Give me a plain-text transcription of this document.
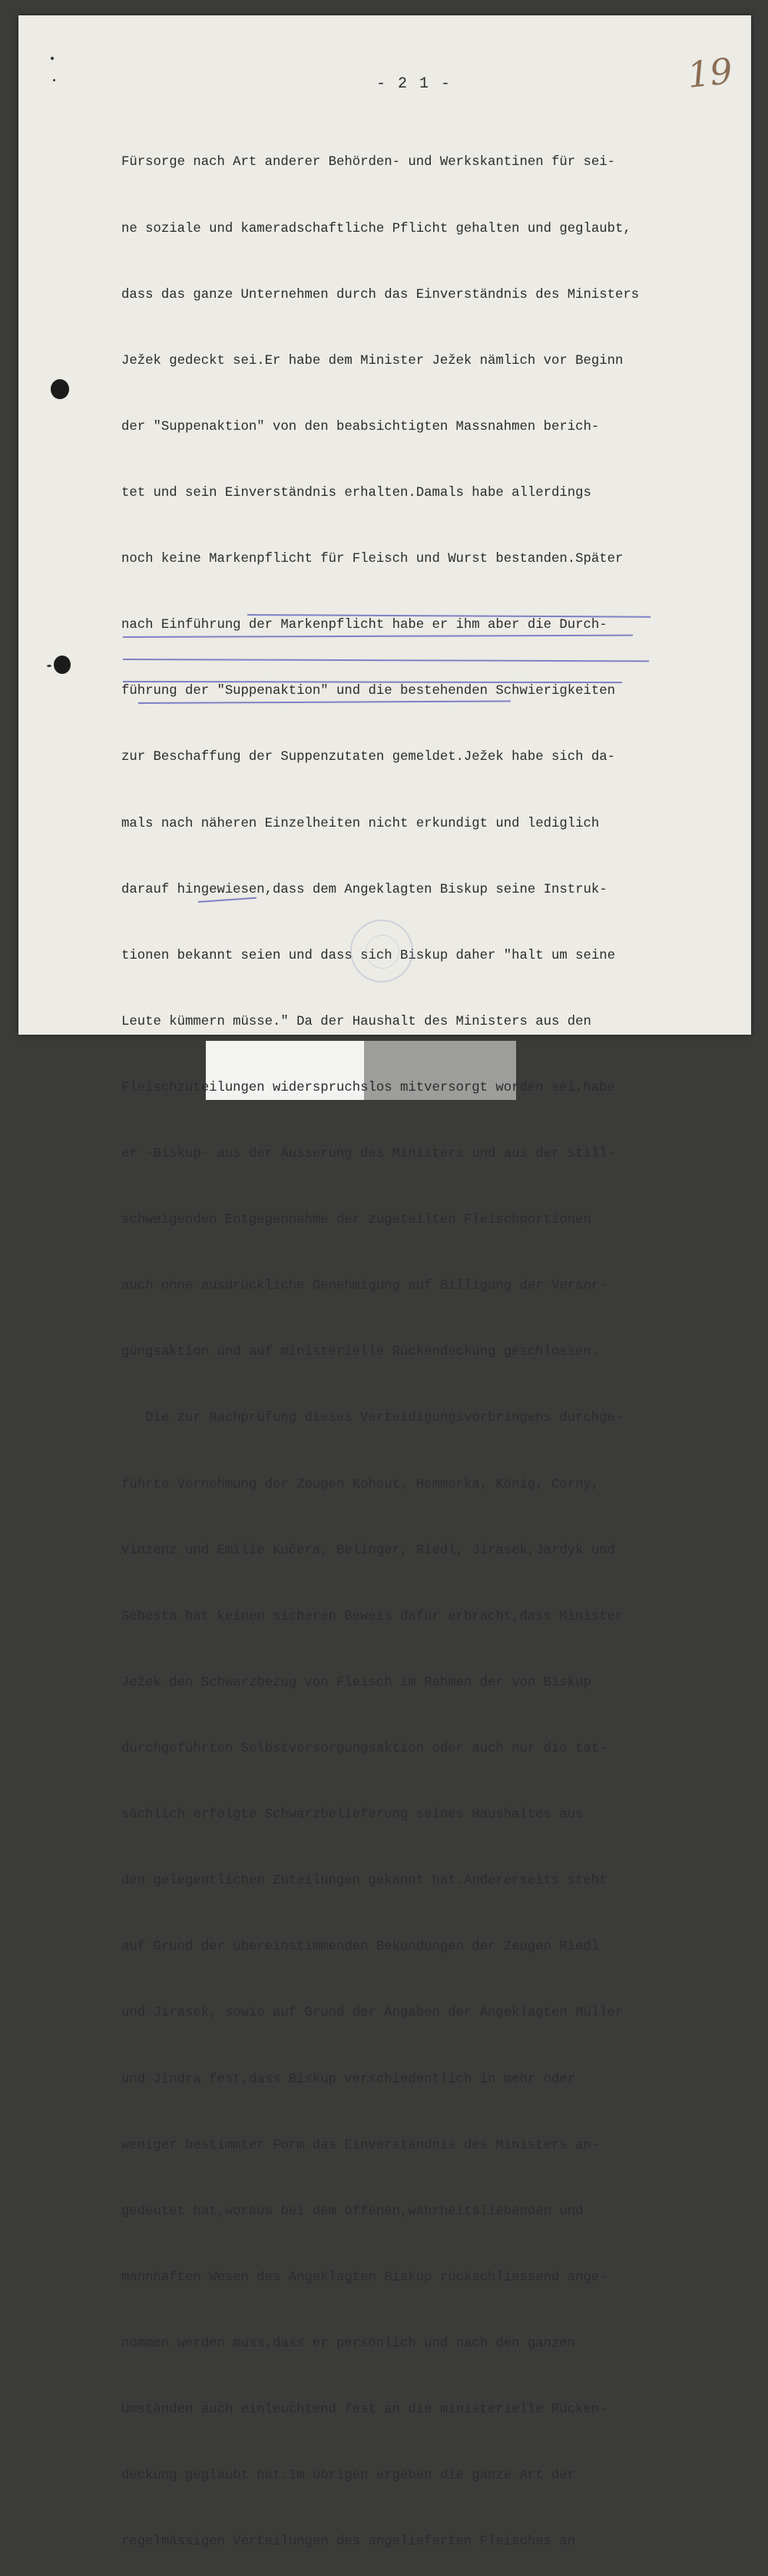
- 2 1 -	19

Fürsorge nach Art anderer Behörden- und Werkskantinen für sei-

ne soziale und kameradschaftliche Pflicht gehalten und geglaubt,

dass das ganze Unternehmen durch das Einverständnis des Ministers

Ježek gedeckt sei.Er habe dem Minister Ježek nämlich vor Beginn

der "Suppenaktion" von den beabsichtigten Massnahmen berich-

tet und sein Einverständnis erhalten.Damals habe allerdings

noch keine Markenpflicht für Fleisch und Wurst bestanden.Später

nach Einführung der Markenpflicht habe er ihm aber die Durch-

führung der "Suppenaktion" und die bestehenden Schwierigkeiten

zur Beschaffung der Suppenzutaten gemeldet.Ježek habe sich da-

mals nach näheren Einzelheiten nicht erkundigt und lediglich

darauf hingewiesen,dass dem Angeklagten Biskup seine Instruk-

tionen bekannt seien und dass sich Biskup daher "halt um seine

Leute kümmern müsse." Da der Haushalt des Ministers aus den

Fleischzuteilungen widerspruchslos mitversorgt worden sei,habe

er -Biskup- aus der Äusserung des Ministers und aus der still-

schweigenden Entgegennahme der zugeteilten Fleischportionen

auch ohne ausdrückliche Genehmigung auf Billigung der Versor-

gungsaktion und auf ministerielle Rückendeckung geschlossen.

Die zur Nachprüfung dieses Verteidigungsvorbringens durchge-

führte Vernehmung der Zeugen Kohout, Hemmerka, König, Cerny,

Vinzenz und Emilie Kučera, Belinger, Riedl, Jirasek,Jardyk und

Sebesta hat keinen sicheren Beweis dafür erbracht,dass Minister

Ježek den Schwarzbezug von Fleisch im Rahmen der von Biskup

durchgeführten Selbstversorgungsaktion oder auch nur die tat-

sächlich erfolgte Schwarzbelieferung seines Haushaltes aus

den gelegentlichen Zuteilungen gekannt hat.Andererseits steht

auf Grund der übereinstimmenden Bekundungen der Zeugen Riedl

und Jirasek, sowie auf Grund der Angaben der Angeklagten Müller

und Jindra fest,dass Biskup verschiedentlich in mehr oder

weniger bestimmter Form das Einverständnis des Ministers an-

gedeutet hat,woraus bei dem offenen,wahrheitsliebenden und

mannhaften Wesen des Angeklagten Biskup rückschliessend ange-

nommen werden muss,dass er persönlich und nach den ganzen

Umständen auch einleuchtend fest an die ministerielle Rücken-

deckung geglaubt hat.Im übrigen ergeben die ganze Art der

regelmässigen Verteilungen des angelieferten Fleisches an
